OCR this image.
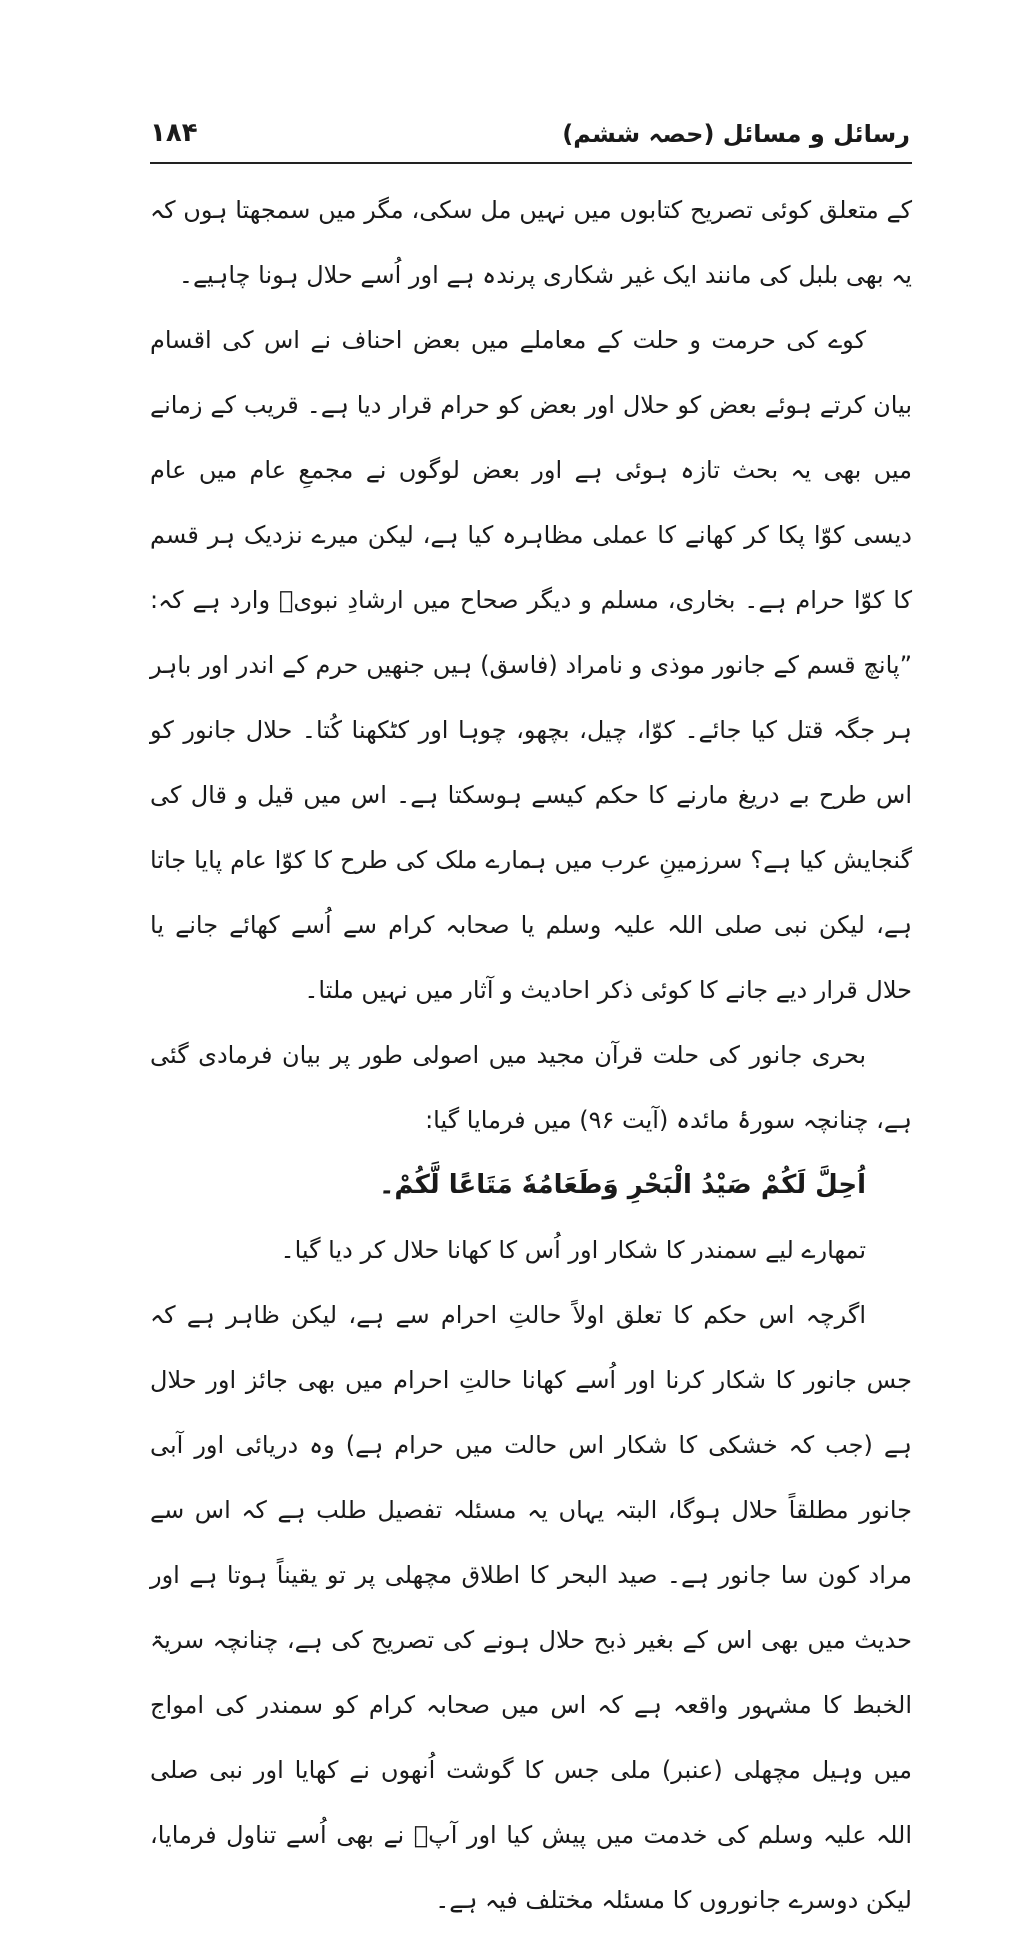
۱۸۴	رسائل و مسائل (حصہ ششم)

کے متعلق کوئی تصریح کتابوں میں نہیں مل سکی، مگر میں سمجھتا ہوں کہ یہ بھی بلبل کی مانند ایک غیر شکاری پرندہ ہے اور اُسے حلال ہونا چاہیے۔

کوے کی حرمت و حلت کے معاملے میں بعض احناف نے اس کی اقسام بیان کرتے ہوئے بعض کو حلال اور بعض کو حرام قرار دیا ہے۔ قریب کے زمانے میں بھی یہ بحث تازہ ہوئی ہے اور بعض لوگوں نے مجمعِ عام میں عام دیسی کوّا پکا کر کھانے کا عملی مظاہرہ کیا ہے، لیکن میرے نزدیک ہر قسم کا کوّا حرام ہے۔ بخاری، مسلم و دیگر صحاح میں ارشادِ نبویؐ وارد ہے کہ: ”پانچ قسم کے جانور موذی و نامراد (فاسق) ہیں جنھیں حرم کے اندر اور باہر ہر جگہ قتل کیا جائے۔ کوّا، چیل، بچھو، چوہا اور کٹکھنا کُتا۔ حلال جانور کو اس طرح بے دریغ مارنے کا حکم کیسے ہوسکتا ہے۔ اس میں قیل و قال کی گنجایش کیا ہے؟ سرزمینِ عرب میں ہمارے ملک کی طرح کا کوّا عام پایا جاتا ہے، لیکن نبی صلی اللہ علیہ وسلم یا صحابہ کرام سے اُسے کھائے جانے یا حلال قرار دیے جانے کا کوئی ذکر احادیث و آثار میں نہیں ملتا۔

بحری جانور کی حلت قرآن مجید میں اصولی طور پر بیان فرمادی گئی ہے، چنانچہ سورۂ مائدہ (آیت ۹۶) میں فرمایا گیا:

اُحِلَّ لَكُمْ صَيْدُ الْبَحْرِ وَطَعَامُهٗ مَتَاعًا لَّكُمْ۔

تمھارے لیے سمندر کا شکار اور اُس کا کھانا حلال کر دیا گیا۔

اگرچہ اس حکم کا تعلق اولاً حالتِ احرام سے ہے، لیکن ظاہر ہے کہ جس جانور کا شکار کرنا اور اُسے کھانا حالتِ احرام میں بھی جائز اور حلال ہے (جب کہ خشکی کا شکار اس حالت میں حرام ہے) وہ دریائی اور آبی جانور مطلقاً حلال ہوگا، البتہ یہاں یہ مسئلہ تفصیل طلب ہے کہ اس سے مراد کون سا جانور ہے۔ صید البحر کا اطلاق مچھلی پر تو یقیناً ہوتا ہے اور حدیث میں بھی اس کے بغیر ذبح حلال ہونے کی تصریح کی ہے، چنانچہ سریۃ الخبط کا مشہور واقعہ ہے کہ اس میں صحابہ کرام کو سمندر کی امواج میں وہیل مچھلی (عنبر) ملی جس کا گوشت اُنھوں نے کھایا اور نبی صلی اللہ علیہ وسلم کی خدمت میں پیش کیا اور آپؐ نے بھی اُسے تناول فرمایا، لیکن دوسرے جانوروں کا مسئلہ مختلف فیہ ہے۔
